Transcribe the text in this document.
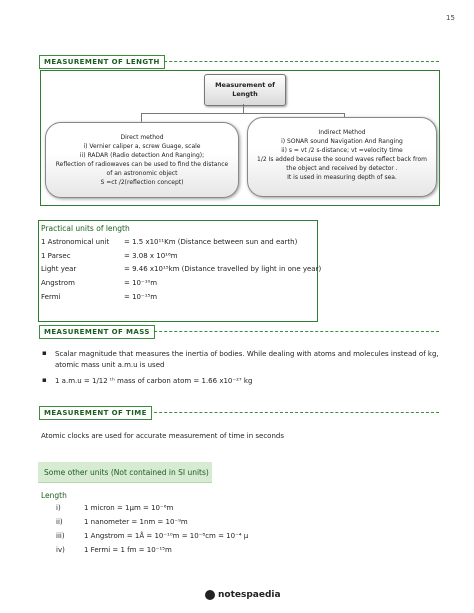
15
MEASUREMENT OF LENGTH
Measurement of
Length
Direct method
i) Vernier caliper a, screw Guage, scale
ii) RADAR (Radio detection And Ranging);
Reflection of radiowaves can be used to find the distance
of an astronomic object
S =ct /2(reflection concept)
Indirect Method
i) SONAR sound Navigation And Ranging
ii) s = vt /2 s-distance; vt =velocity time
1/2 Is added because the sound waves reflect back from
the object and received by detector .
It is used in measuring depth of sea.
Practical units of length
1 Astronomical unit = 1.5 x10¹¹Km (Distance between sun and earth)
1 Parsec	= 3.08 x 10¹⁶m
Light year	= 9.46 x10¹⁵km (Distance travelled by light in one year)
Angstrom	= 10⁻¹⁰m
Fermi	= 10⁻¹⁵m
MEASUREMENT OF MASS
▪ Scalar magnitude that measures the inertia of bodies. While dealing with atoms and molecules instead of kg,
atomic mass unit a.m.u is used
▪ 1 a.m.u = 1/12 ᵗʰ mass of carbon atom = 1.66 x10⁻²⁷ kg
MEASUREMENT OF TIME
Atomic clocks are used for accurate measurement of time in seconds
Some other units (Not contained in SI units)
Length
i)	1 micron = 1μm = 10⁻⁶m
ii)	1 nanometer = 1nm = 10⁻⁹m
iii)	1 Angstrom = 1Å = 10⁻¹⁰m = 10⁻⁸cm = 10⁻⁴ μ
iv)	1 Fermi = 1 fm = 10⁻¹⁵m
notespaedia
